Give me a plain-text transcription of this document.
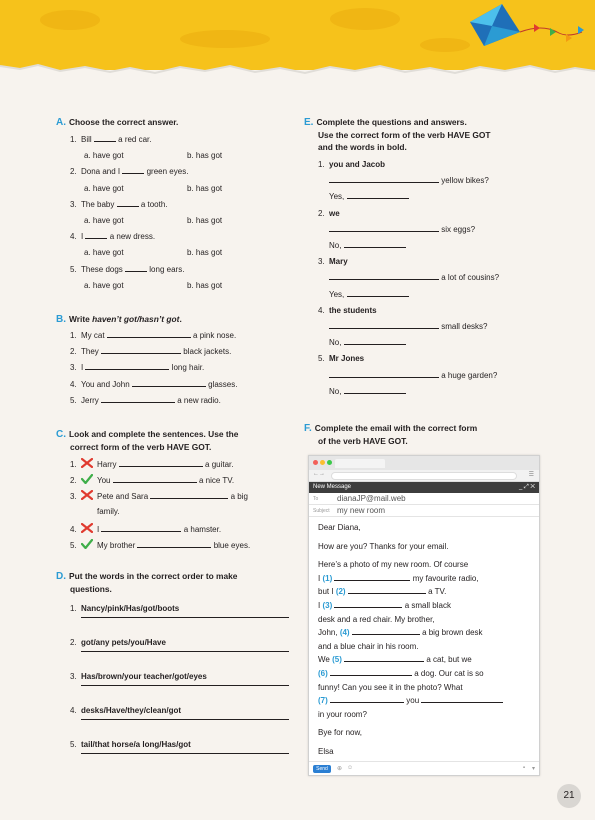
A. Choose the correct answer.
1. Bill	a red car.
a. have got	b. has got
2. Dona and I	green eyes.
a. have got	b. has got
3. The baby	a tooth.
a. have got	b. has got
4. I	a new dress.
a. have got	b. has got
5. These dogs	long ears.
a. have got	b. has got
B. Write haven’t got/hasn’t got.
1. My cat	a pink nose.
2. They	black jackets.
3. I	long hair.
4. You and John	glasses.
5. Jerry	a new radio.
C. Look and complete the sentences. Use the
correct form of the verb HAVE GOT.
1.	Harry	a guitar.
2.	You	a nice TV.
3.	Pete and Sara	a big
family.
4.	I	a hamster.
5.	My brother	blue eyes.
D. Put the words in the correct order to make
questions.
1. Nancy/pink/Has/got/boots
2. got/any pets/you/Have
3. Has/brown/your teacher/got/eyes
4. desks/Have/they/clean/got
5. tail/that horse/a long/Has/got
E. Complete the questions and answers.
Use the correct form of the verb HAVE GOT
and the words in bold.
1. you and Jacob
yellow bikes?
Yes,
2. we
six eggs?
No,
3. Mary
a lot of cousins?
Yes,
4. the students
small desks?
No,
5. Mr Jones
a huge garden?
No,
F. Complete the email with the correct form
of the verb HAVE GOT.
←→	☰
New Message	_ ⤢ ✕
To dianaJP@mail.web
Subject my new room
Dear Diana,
How are you? Thanks for your email.
Here’s a photo of my new room. Of course
I (1)	my favourite radio,
but I (2)	a TV.
I (3)	a small black
desk and a red chair. My brother,
John, (4)	a big brown desk
and a blue chair in his room.
We (5)	a cat, but we
(6)	a dog. Our cat is so
funny! Can you see it in the photo? What
(7)	you
in your room?
Bye for now,
Elsa
Send	⊕ ☺	▪ ▾
21
